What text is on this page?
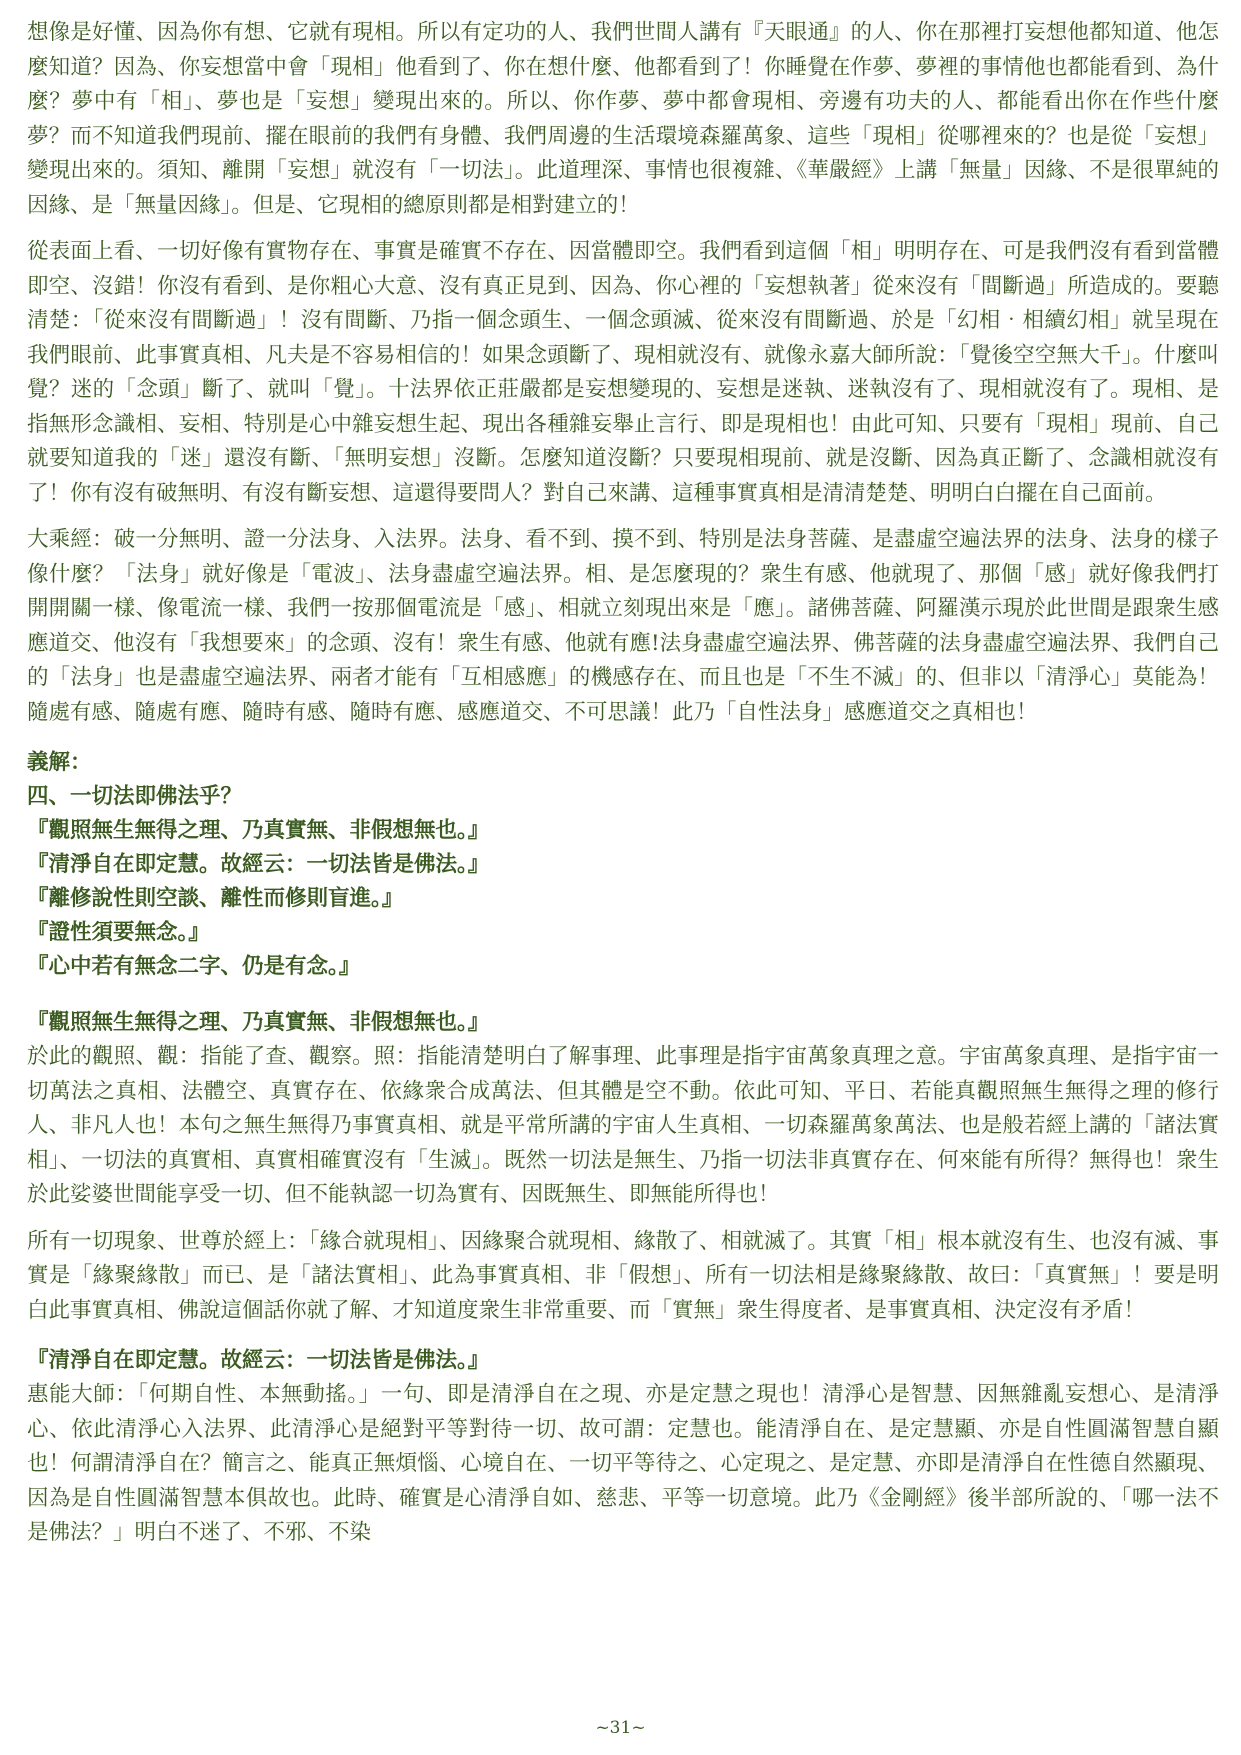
想像是好懂、因為你有想、它就有現相。所以有定功的人、我們世間人講有『天眼通』的人、你在那裡打妄想他都知道、他怎麼知道？因為、你妄想當中會「現相」他看到了、你在想什麼、他都看到了！你睡覺在作夢、夢裡的事情他也都能看到、為什麼？夢中有「相」、夢也是「妄想」變現出來的。所以、你作夢、夢中都會現相、旁邊有功夫的人、都能看出你在作些什麼夢？而不知道我們現前、擺在眼前的我們有身體、我們周邊的生活環境森羅萬象、這些「現相」從哪裡來的？也是從「妄想」變現出來的。須知、離開「妄想」就沒有「一切法」。此道理深、事情也很複雜、《華嚴經》上講「無量」因緣、不是很單純的因緣、是「無量因緣」。但是、它現相的總原則都是相對建立的！

從表面上看、一切好像有實物存在、事實是確實不存在、因當體即空。我們看到這個「相」明明存在、可是我們沒有看到當體即空、沒錯！你沒有看到、是你粗心大意、沒有真正見到、因為、你心裡的「妄想執著」從來沒有「間斷過」所造成的。要聽清楚：「從來沒有間斷過」！沒有間斷、乃指一個念頭生、一個念頭滅、從來沒有間斷過、於是「幻相‧相續幻相」就呈現在我們眼前、此事實真相、凡夫是不容易相信的！如果念頭斷了、現相就沒有、就像永嘉大師所說：「覺後空空無大千」。什麼叫覺？迷的「念頭」斷了、就叫「覺」。十法界依正莊嚴都是妄想變現的、妄想是迷執、迷執沒有了、現相就沒有了。現相、是指無形念識相、妄相、特別是心中雜妄想生起、現出各種雜妄舉止言行、即是現相也！由此可知、只要有「現相」現前、自己就要知道我的「迷」還沒有斷、「無明妄想」沒斷。怎麼知道沒斷？只要現相現前、就是沒斷、因為真正斷了、念識相就沒有了！你有沒有破無明、有沒有斷妄想、這還得要問人？對自己來講、這種事實真相是清清楚楚、明明白白擺在自己面前。

大乘經：破一分無明、證一分法身、入法界。法身、看不到、摸不到、特別是法身菩薩、是盡虛空遍法界的法身、法身的樣子像什麼？「法身」就好像是「電波」、法身盡虛空遍法界。相、是怎麼現的？衆生有感、他就現了、那個「感」就好像我們打開開關一樣、像電流一樣、我們一按那個電流是「感」、相就立刻現出來是「應」。諸佛菩薩、阿羅漢示現於此世間是跟衆生感應道交、他沒有「我想要來」的念頭、沒有！衆生有感、他就有應!法身盡虛空遍法界、佛菩薩的法身盡虛空遍法界、我們自己的「法身」也是盡虛空遍法界、兩者才能有「互相感應」的機感存在、而且也是「不生不滅」的、但非以「清淨心」莫能為！隨處有感、隨處有應、隨時有感、隨時有應、感應道交、不可思議！此乃「自性法身」感應道交之真相也！

義解：

四、一切法即佛法乎？

『觀照無生無得之理、乃真實無、非假想無也。』

『清淨自在即定慧。故經云：一切法皆是佛法。』

『離修說性則空談、離性而修則盲進。』

『證性須要無念。』

『心中若有無念二字、仍是有念。』

『觀照無生無得之理、乃真實無、非假想無也。』

於此的觀照、觀：指能了查、觀察。照：指能清楚明白了解事理、此事理是指宇宙萬象真理之意。宇宙萬象真理、是指宇宙一切萬法之真相、法體空、真實存在、依緣衆合成萬法、但其體是空不動。依此可知、平日、若能真觀照無生無得之理的修行人、非凡人也！本句之無生無得乃事實真相、就是平常所講的宇宙人生真相、一切森羅萬象萬法、也是般若經上講的「諸法實相」、一切法的真實相、真實相確實沒有「生滅」。既然一切法是無生、乃指一切法非真實存在、何來能有所得？無得也！衆生於此娑婆世間能享受一切、但不能執認一切為實有、因既無生、即無能所得也！

所有一切現象、世尊於經上：「緣合就現相」、因緣聚合就現相、緣散了、相就滅了。其實「相」根本就沒有生、也沒有滅、事實是「緣聚緣散」而已、是「諸法實相」、此為事實真相、非「假想」、所有一切法相是緣聚緣散、故曰：「真實無」！要是明白此事實真相、佛說這個話你就了解、才知道度衆生非常重要、而「實無」衆生得度者、是事實真相、決定沒有矛盾！

『清淨自在即定慧。故經云：一切法皆是佛法。』

惠能大師：「何期自性、本無動搖。」一句、即是清淨自在之現、亦是定慧之現也！清淨心是智慧、因無雜亂妄想心、是清淨心、依此清淨心入法界、此清淨心是絕對平等對待一切、故可謂：定慧也。能清淨自在、是定慧顯、亦是自性圓滿智慧自顯也！何謂清淨自在？簡言之、能真正無煩惱、心境自在、一切平等待之、心定現之、是定慧、亦即是清淨自在性德自然顯現、因為是自性圓滿智慧本俱故也。此時、確實是心清淨自如、慈悲、平等一切意境。此乃《金剛經》後半部所說的、「哪一法不是佛法？」明白不迷了、不邪、不染

~31~
